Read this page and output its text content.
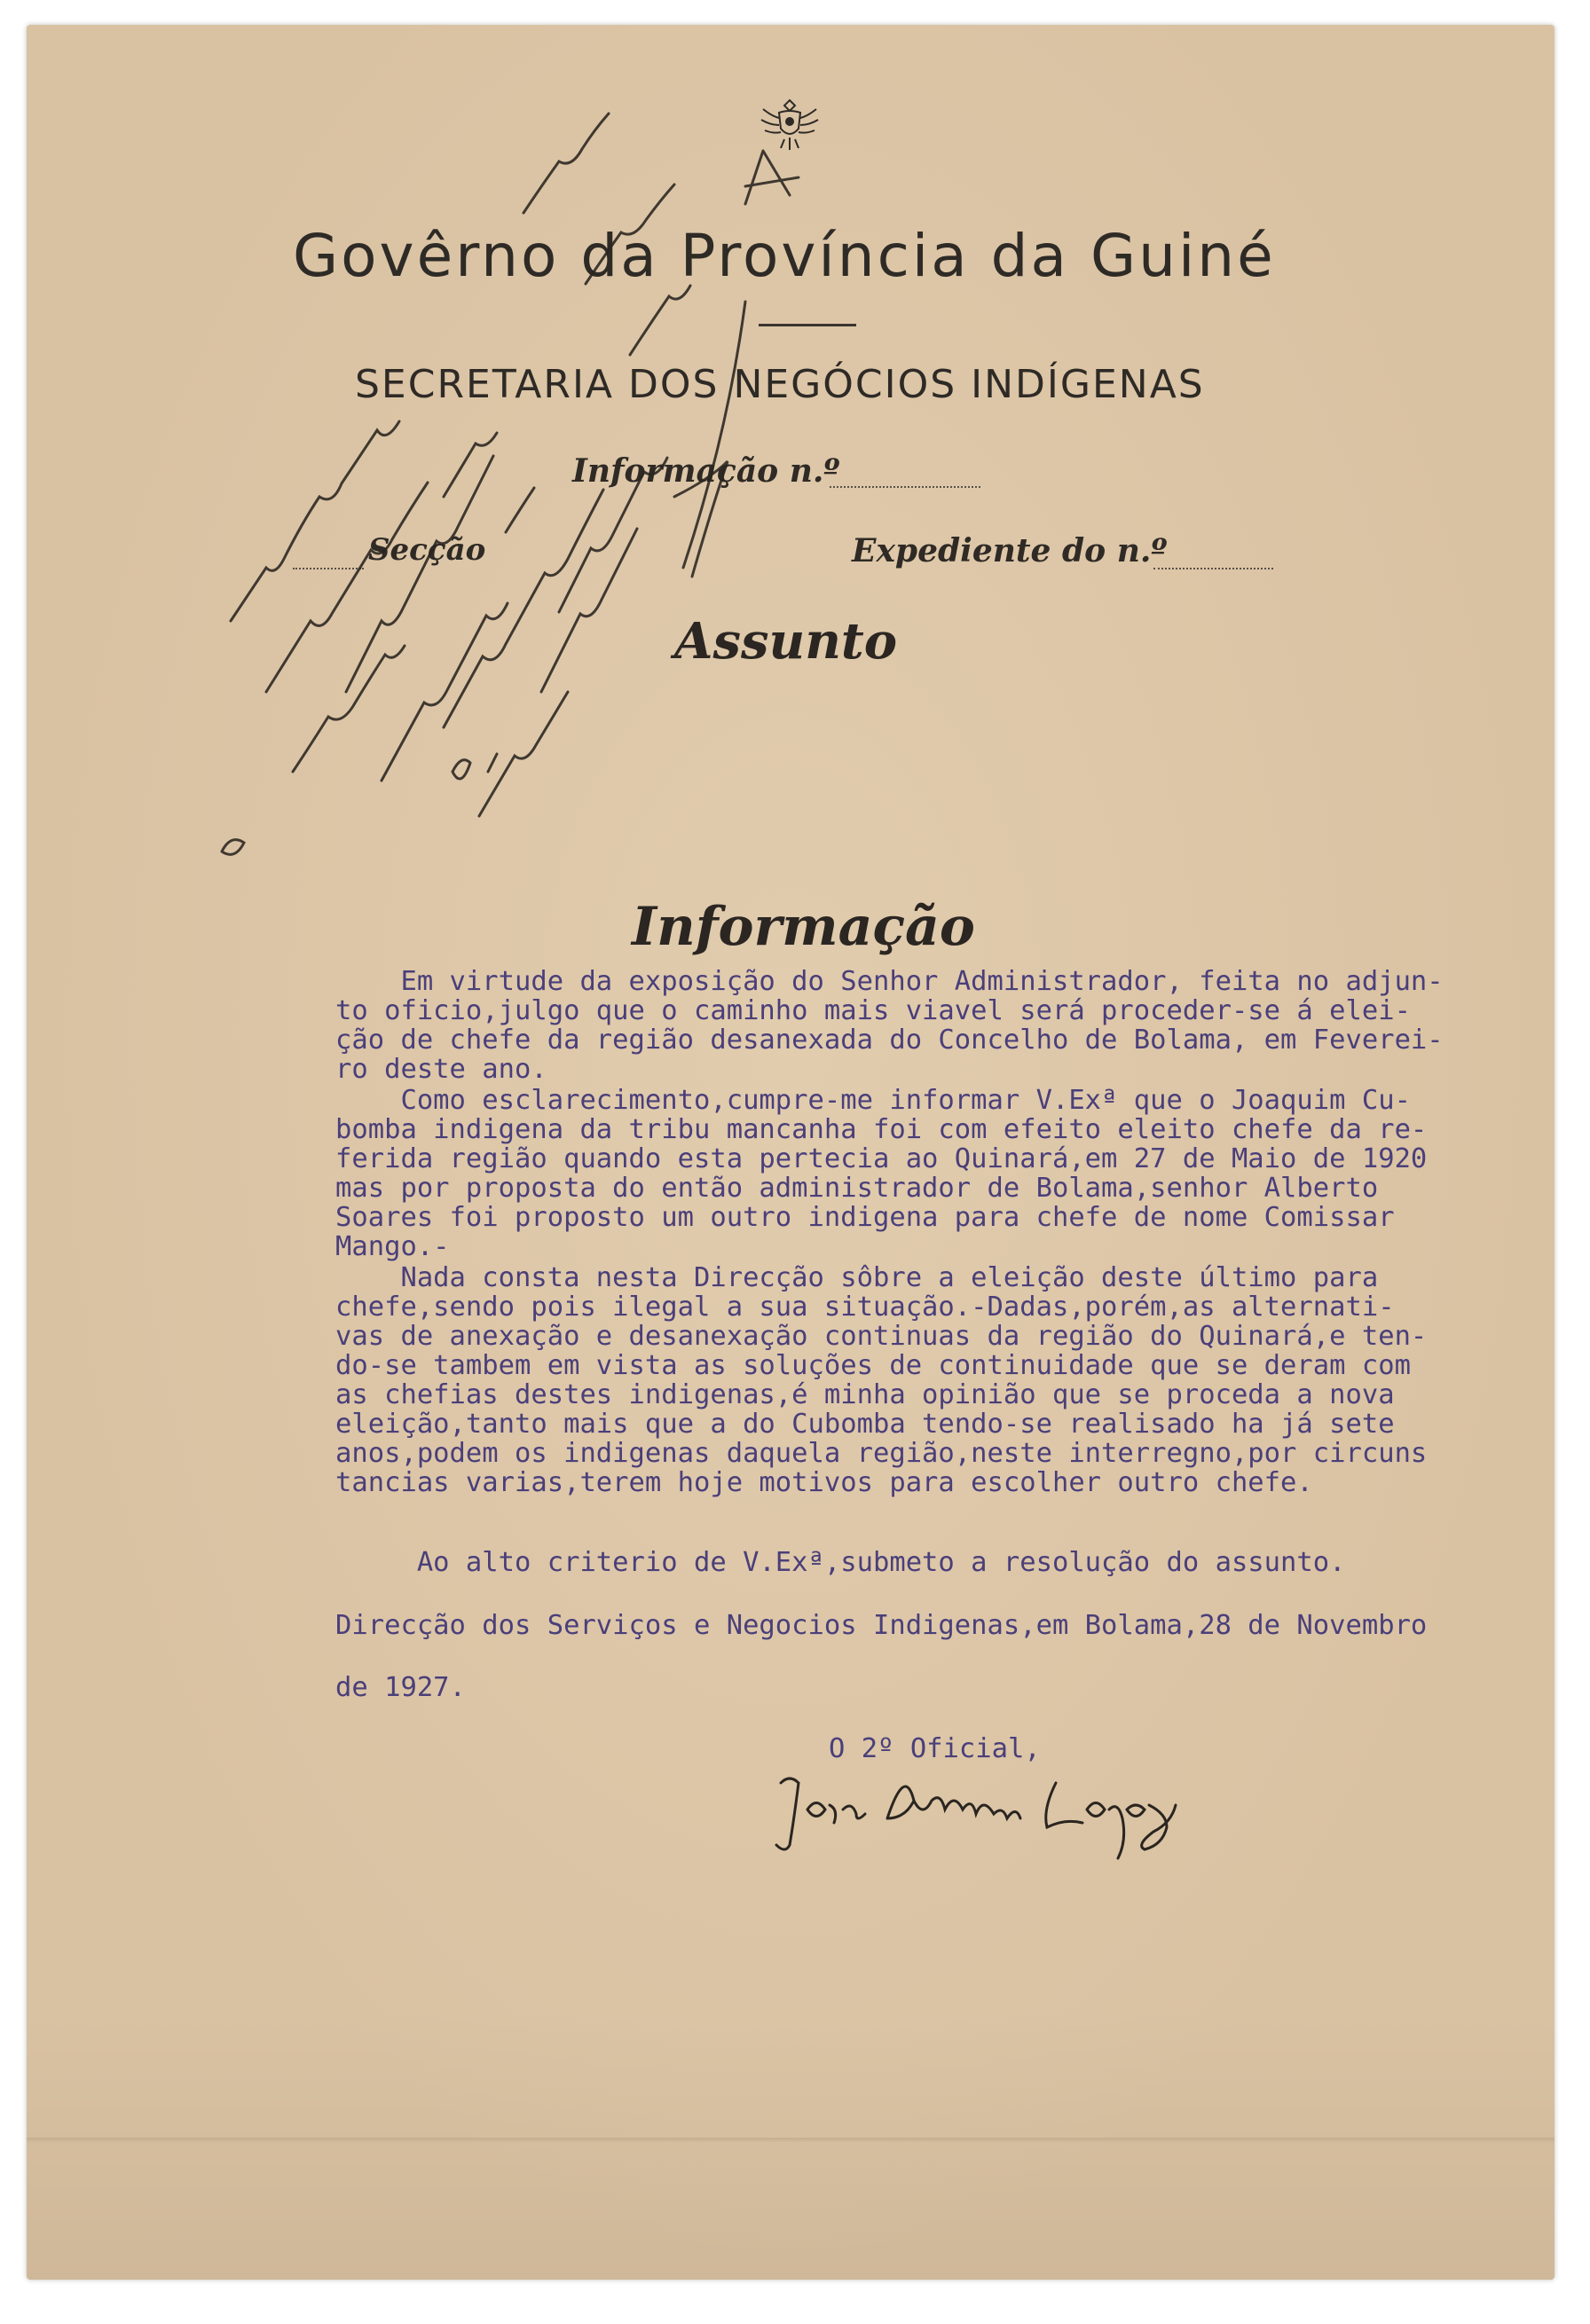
Govêrno da Província da Guiné
SECRETARIA DOS NEGÓCIOS INDÍGENAS
Informação n.º
Secção	Expediente do n.º
Assunto
Informação
Em virtude da exposição do Senhor Administrador, feita no adjun-
to oficio,julgo que o caminho mais viavel será proceder-se á elei-
ção de chefe da região desanexada do Concelho de Bolama, em Feverei-
ro deste ano.
Como esclarecimento,cumpre-me informar V.Exª que o Joaquim Cu-
bomba indigena da tribu mancanha foi com efeito eleito chefe da re-
ferida região quando esta pertecia ao Quinará,em 27 de Maio de 1920
mas por proposta do então administrador de Bolama,senhor Alberto
Soares foi proposto um outro indigena para chefe de nome Comissar
Mango.-
Nada consta nesta Direcção sôbre a eleição deste último para
chefe,sendo pois ilegal a sua situação.-Dadas,porém,as alternati-
vas de anexação e desanexação continuas da região do Quinará,e ten-
do-se tambem em vista as soluções de continuidade que se deram com
as chefias destes indigenas,é minha opinião que se proceda a nova
eleição,tanto mais que a do Cubomba tendo-se realisado ha já sete
anos,podem os indigenas daquela região,neste interregno,por circuns
tancias varias,terem hoje motivos para escolher outro chefe.
Ao alto criterio de V.Exª,submeto a resolução do assunto.
Direcção dos Serviços e Negocios Indigenas,em Bolama,28 de Novembro
de 1927.
O 2º Oficial,
